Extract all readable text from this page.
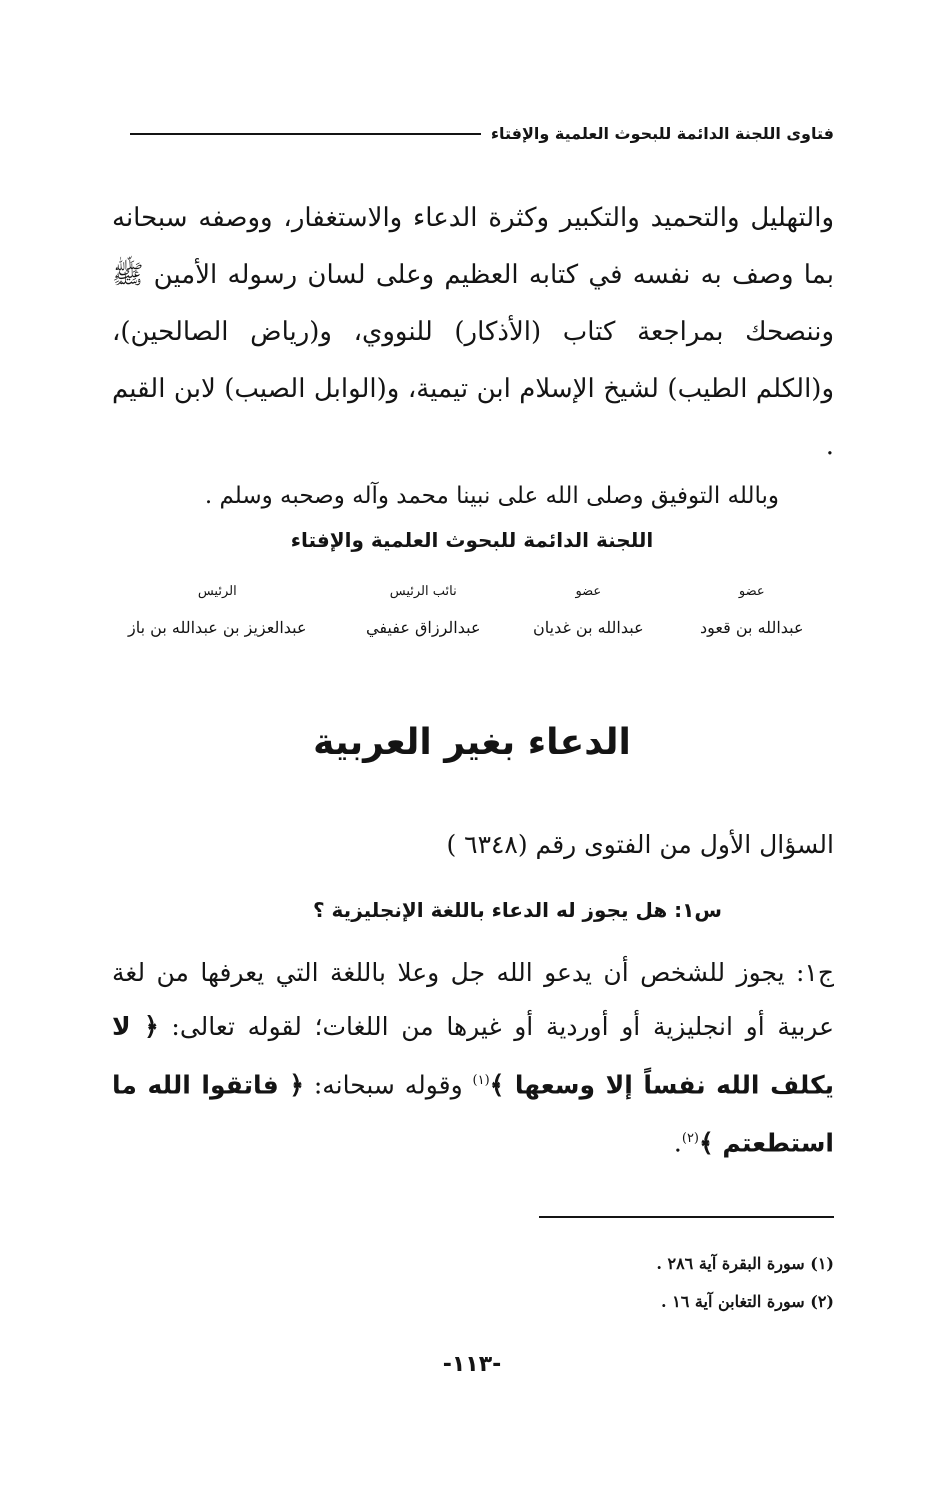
فتاوى اللجنة الدائمة للبحوث العلمية والإفتاء
والتهليل والتحميد والتكبير وكثرة الدعاء والاستغفار، ووصفه سبحانه بما وصف به نفسه في كتابه العظيم وعلى لسان رسوله الأمين ﷺ وننصحك بمراجعة كتاب (الأذكار) للنووي، و(رياض الصالحين)، و(الكلم الطيب) لشيخ الإسلام ابن تيمية، و(الوابل الصيب) لابن القيم .
وبالله التوفيق وصلى الله على نبينا محمد وآله وصحبه وسلم .
اللجنة الدائمة للبحوث العلمية والإفتاء
عضو
عبدالله بن قعود
عضو
عبدالله بن غديان
نائب الرئيس
عبدالرزاق عفيفي
الرئيس
عبدالعزيز بن عبدالله بن باز
الدعاء بغير العربية
السؤال الأول من الفتوى رقم (٦٣٤٨ )
س١: هل يجوز له الدعاء باللغة الإنجليزية ؟
ج١: يجوز للشخص أن يدعو الله جل وعلا باللغة التي يعرفها من لغة عربية أو انجليزية أو أوردية أو غيرها من اللغات؛ لقوله تعالى: ﴿ لا يكلف الله نفساً إلا وسعها ﴾$^{(١)}$ وقوله سبحانه: ﴿ فاتقوا الله ما استطعتم ﴾$^{(٢)}$.
(١) سورة البقرة آية ٢٨٦ .
(٢) سورة التغابن آية ١٦ .
-١١٣-
